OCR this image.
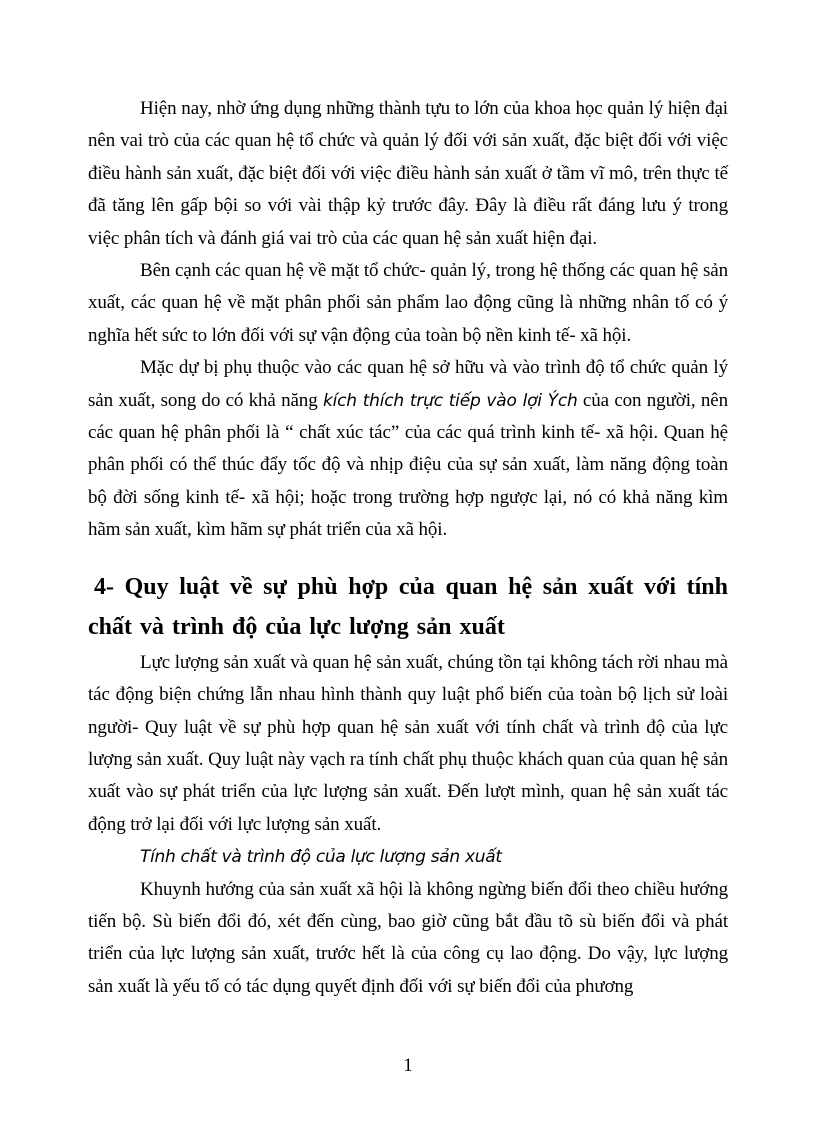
Hiện nay, nhờ ứng dụng những thành tựu to lớn của khoa học quản lý hiện đại nên vai trò của các quan hệ tổ chức và quản lý đối với sản xuất, đặc biệt đối với việc điều hành sản xuất, đặc biệt đối với việc điều hành sản xuất ở tầm vĩ mô, trên thực tế đã tăng lên gấp bội so với vài thập kỷ trước đây. Đây là điều rất đáng lưu ý trong việc phân tích và đánh giá vai trò của các quan hệ sản xuất hiện đại.

Bên cạnh các quan hệ về mặt tổ chức- quản lý, trong hệ thống các quan hệ sản xuất, các quan hệ về mặt phân phối sản phẩm lao động cũng là những nhân tố có ý nghĩa hết sức to lớn đối với sự vận động của toàn bộ nền kinh tế- xã hội.

Mặc dự bị phụ thuộc vào các quan hệ sở hữu và vào trình độ tổ chức quản lý sản xuất, song do có khả năng kích thích trực tiếp vào lợi Ých của con người, nên các quan hệ phân phối là “ chất xúc tác” của các quá trình kinh tế- xã hội. Quan hệ phân phối có thể thúc đẩy tốc độ và nhịp điệu của sự sản xuất, làm năng động toàn bộ đời sống kinh tế- xã hội; hoặc trong trường hợp ngược lại, nó có khả năng kìm hãm sản xuất, kìm hãm sự phát triển của xã hội.

4- Quy luật về sự phù hợp của quan hệ sản xuất với tính chất và trình độ của lực lượng sản xuất

Lực lượng sản xuất và quan hệ sản xuất, chúng tồn tại không tách rời nhau mà tác động biện chứng lẫn nhau hình thành quy luật phổ biến của toàn bộ lịch sử loài người- Quy luật về sự phù hợp quan hệ sản xuất với tính chất và trình độ của lực lượng sản xuất. Quy luật này vạch ra tính chất phụ thuộc khách quan của quan hệ sản xuất vào sự phát triển của lực lượng sản xuất. Đến lượt mình, quan hệ sản xuất tác động trở lại đối với lực lượng sản xuất.

Tính chất và trình độ của lực lượng sản xuất

Khuynh hướng của sản xuất xã hội là không ngừng biến đổi theo chiều hướng tiến bộ. Sù biến đổi đó, xét đến cùng, bao giờ cũng bắt đầu tõ sù biến đổi và phát triển của lực lượng sản xuất, trước hết là của công cụ lao động. Do vậy, lực lượng sản xuất là yếu tố có tác dụng quyết định đối với sự biến đổi của phương

1
